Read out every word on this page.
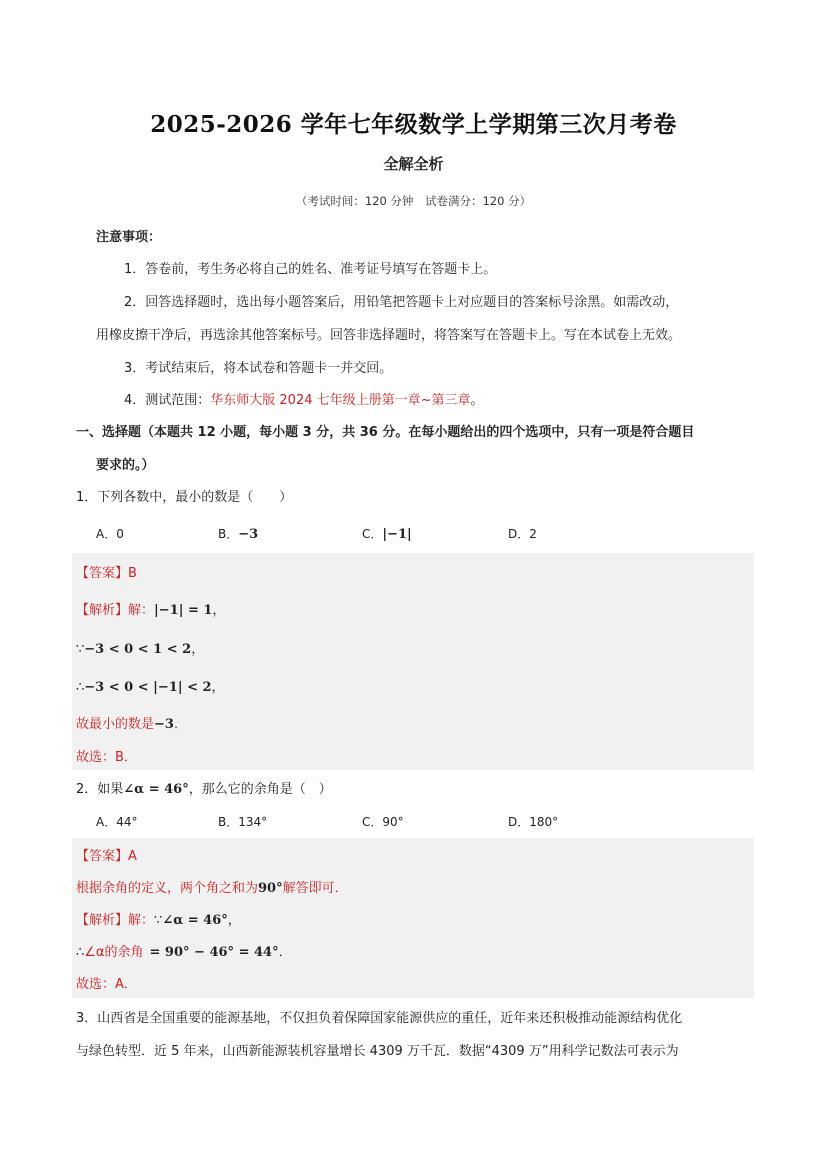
2025-2026 学年七年级数学上学期第三次月考卷
全解全析
（考试时间：120 分钟　试卷满分：120 分）
注意事项：
1．答卷前，考生务必将自己的姓名、准考证号填写在答题卡上。
2．回答选择题时，选出每小题答案后，用铅笔把答题卡上对应题目的答案标号涂黑。如需改动，
用橡皮擦干净后，再选涂其他答案标号。回答非选择题时，将答案写在答题卡上。写在本试卷上无效。
3．考试结束后，将本试卷和答题卡一并交回。
4．测试范围：华东师大版 2024 七年级上册第一章~第三章。
一、选择题（本题共 12 小题，每小题 3 分，共 36 分。在每小题给出的四个选项中，只有一项是符合题目
要求的。）
1．下列各数中，最小的数是（　　）
A．0	B．−3	C．|−1|	D．2
【答案】B
【解析】解：|−1| = 1，
∵−3 < 0 < 1 < 2，
∴−3 < 0 < |−1| < 2，
故最小的数是−3．
故选：B．
2．如果∠α = 46°，那么它的余角是（　）
A．44°	B．134°	C．90°	D．180°
【答案】A
根据余角的定义，两个角之和为90°解答即可．
【解析】解：∵∠α = 46°，
∴∠α的余角 = 90° − 46° = 44°．
故选：A．
3．山西省是全国重要的能源基地，不仅担负着保障国家能源供应的重任，近年来还积极推动能源结构优化
与绿色转型．近 5 年来，山西新能源装机容量增长 4309 万千瓦．数据“4309 万”用科学记数法可表示为
